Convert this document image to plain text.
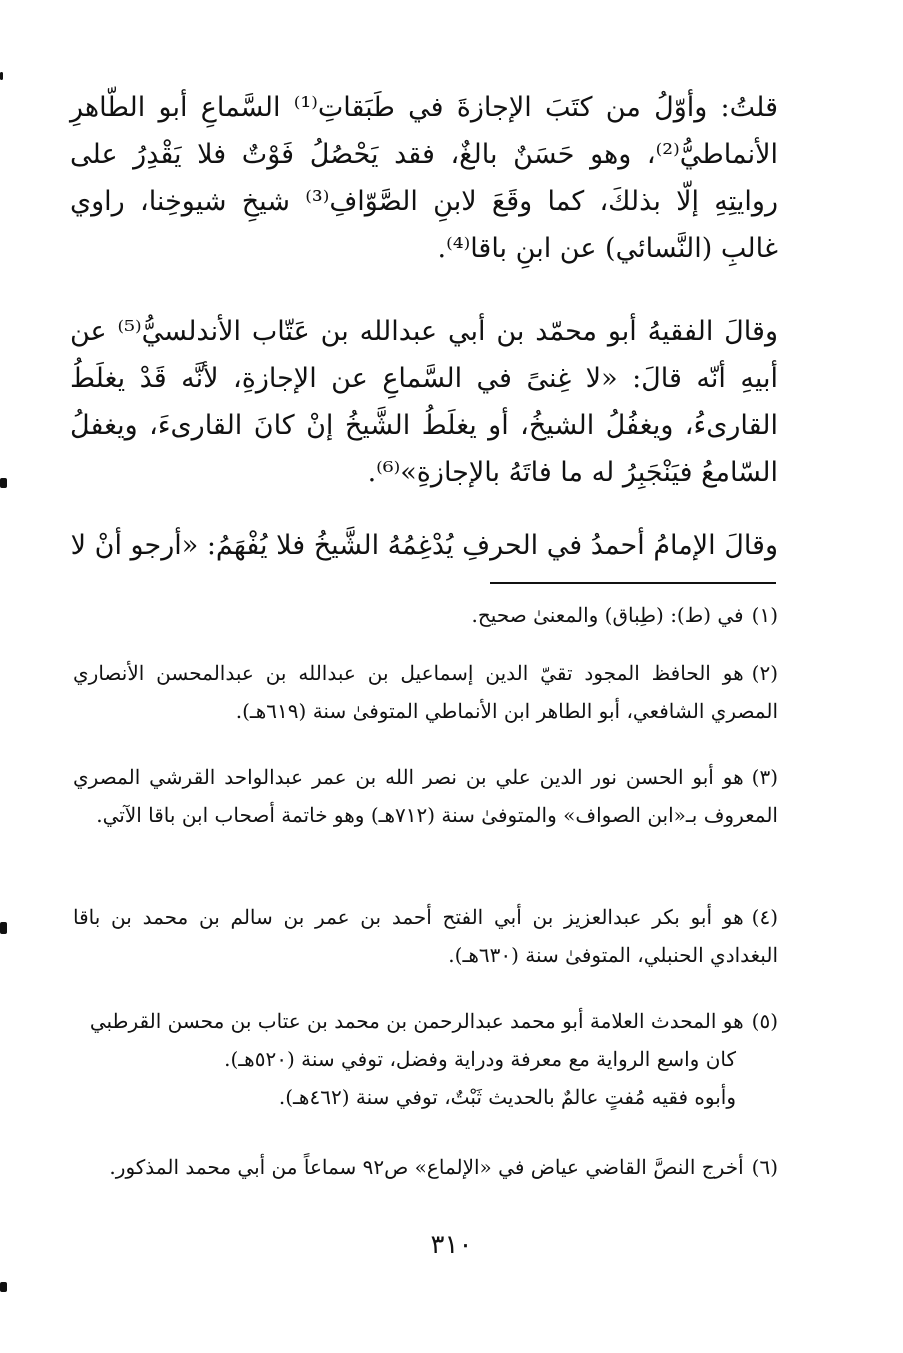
قلتُ: وأوّلُ من كتَبَ الإجازةَ في طَبَقاتِ⁽¹⁾ السَّماعِ أبو الطّاهرِ الأنماطيُّ⁽²⁾، وهو حَسَنٌ بالغٌ، فقد يَحْصُلُ فَوْتٌ فلا يَقْدِرُ على روايتِهِ إلّا بذلكَ، كما وقَعَ لابنِ الصَّوّافِ⁽³⁾ شيخِ شيوخِنا، راوي غالبِ (النَّسائي) عن ابنِ باقا⁽⁴⁾.

وقالَ الفقيهُ أبو محمّد بن أبي عبدالله بن عَتّاب الأندلسيُّ⁽⁵⁾ عن أبيهِ أنّه قالَ: «لا غِنىً في السَّماعِ عن الإجازةِ، لأنَّه قَدْ يغلَطُ القارىءُ، ويغفُلُ الشيخُ، أو يغلَطُ الشَّيخُ إنْ كانَ القارىءَ، ويغفلُ السّامعُ فيَنْجَبِرُ له ما فاتَهُ بالإجازةِ»⁽⁶⁾.

وقالَ الإمامُ أحمدُ في الحرفِ يُدْغِمُهُ الشَّيخُ فلا يُفْهَمُ: «أرجو أنْ لا

(١)في (ط): (طِباق) والمعنىٰ صحيح.

(٢)هو الحافظ المجود تقيّ الدين إسماعيل بن عبدالله بن عبدالمحسن الأنصاري المصري الشافعي، أبو الطاهر ابن الأنماطي المتوفىٰ سنة (٦١٩هـ).

(٣)هو أبو الحسن نور الدين علي بن نصر الله بن عمر عبدالواحد القرشي المصري المعروف بـ«ابن الصواف» والمتوفىٰ سنة (٧١٢هـ) وهو خاتمة أصحاب ابن باقا الآتي.

(٤)هو أبو بكر عبدالعزيز بن أبي الفتح أحمد بن عمر بن سالم بن محمد بن باقا البغدادي الحنبلي، المتوفىٰ سنة (٦٣٠هـ).

(٥)هو المحدث العلامة أبو محمد عبدالرحمن بن محمد بن عتاب بن محسن القرطبي
كان واسع الرواية مع معرفة ودراية وفضل، توفي سنة (٥٢٠هـ).
وأبوه فقيه مُفتٍ عالمٌ بالحديث ثَبْتٌ، توفي سنة (٤٦٢هـ).

(٦)أخرج النصَّ القاضي عياض في «الإلماع» ص٩٢ سماعاً من أبي محمد المذكور.

٣١٠
